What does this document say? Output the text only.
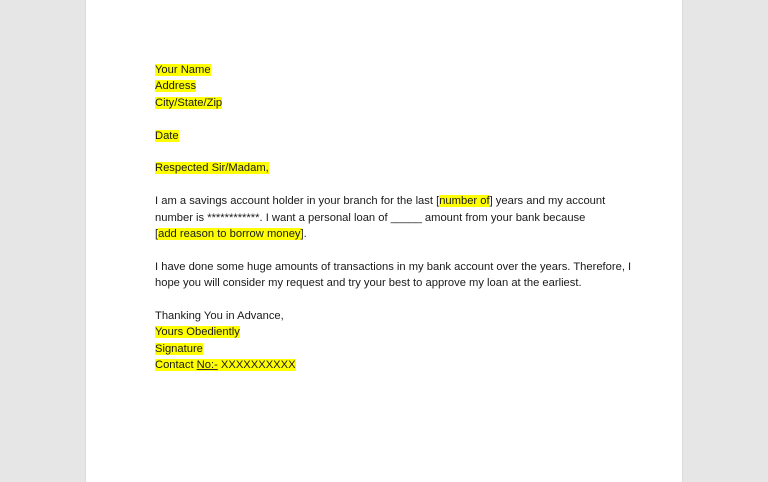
Your Name
Address
City/State/Zip
Date
Respected Sir/Madam,
I am a savings account holder in your branch for the last [number of] years and my account
number is ************. I want a personal loan of _____ amount from your bank because
[add reason to borrow money].
I have done some huge amounts of transactions in my bank account over the years. Therefore, I
hope you will consider my request and try your best to approve my loan at the earliest.
Thanking You in Advance,
Yours Obediently
Signature
Contact No:- XXXXXXXXXX
